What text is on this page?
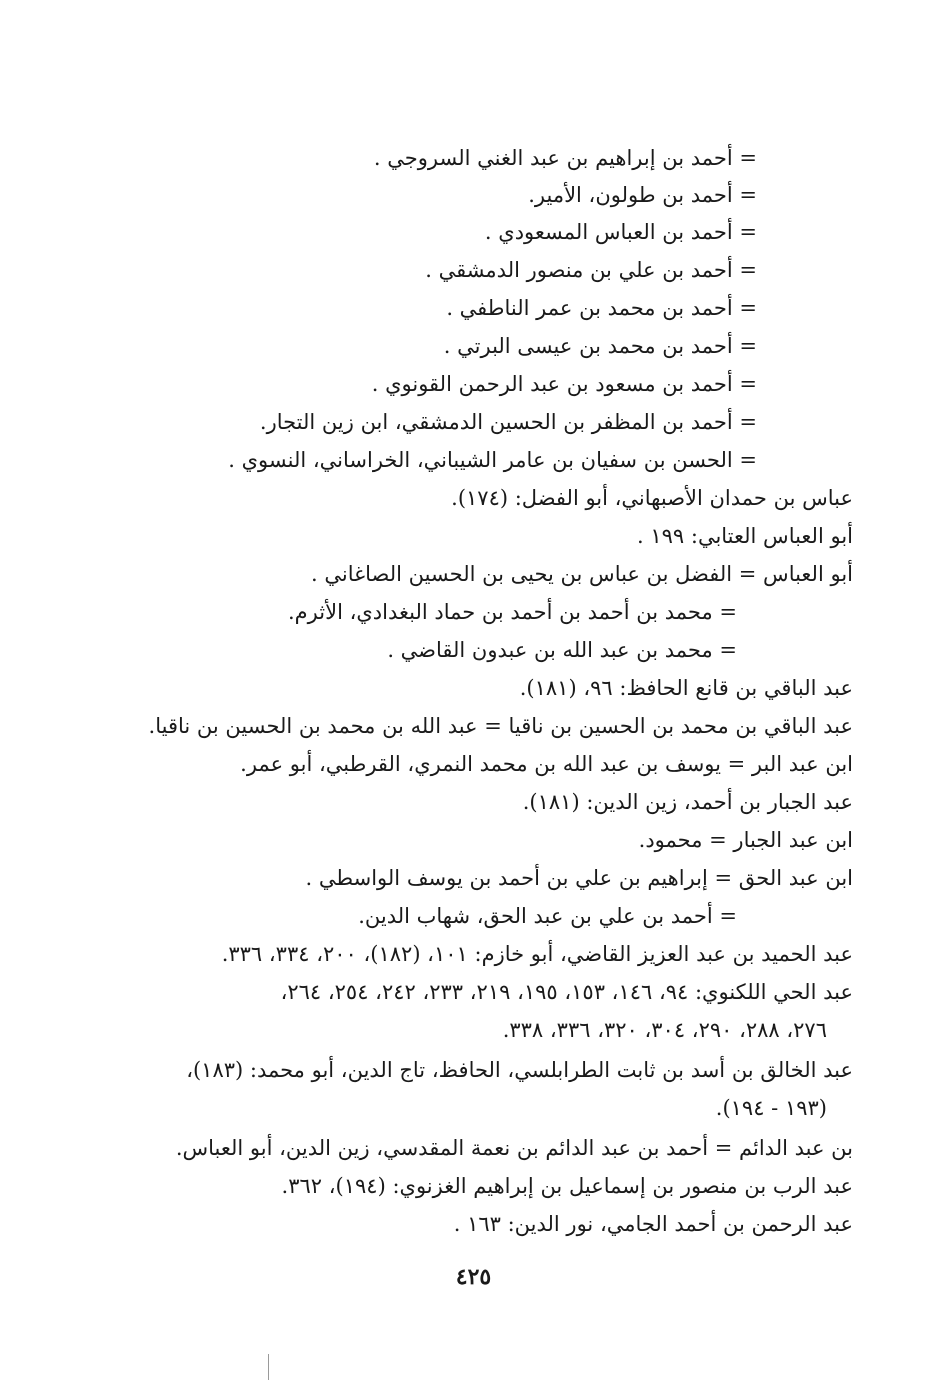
= أحمد بن إبراهيم بن عبد الغني السروجي .
= أحمد بن طولون، الأمير.
= أحمد بن العباس المسعودي .
= أحمد بن علي بن منصور الدمشقي .
= أحمد بن محمد بن عمر الناطفي .
= أحمد بن محمد بن عيسى البرتي .
= أحمد بن مسعود بن عبد الرحمن القونوي .
= أحمد بن المظفر بن الحسين الدمشقي، ابن زين التجار.
= الحسن بن سفيان بن عامر الشيباني، الخراساني، النسوي .
عباس بن حمدان الأصبهاني، أبو الفضل: (١٧٤).
أبو العباس العتابي: ١٩٩ .
أبو العباس = الفضل بن عباس بن يحيى بن الحسين الصاغاني .
= محمد بن أحمد بن أحمد بن حماد البغدادي، الأثرم.
= محمد بن عبد الله بن عبدون القاضي .
عبد الباقي بن قانع الحافظ: ٩٦، (١٨١).
عبد الباقي بن محمد بن الحسين بن ناقيا = عبد الله بن محمد بن الحسين بن ناقيا.
ابن عبد البر = يوسف بن عبد الله بن محمد النمري، القرطبي، أبو عمر.
عبد الجبار بن أحمد، زين الدين: (١٨١).
ابن عبد الجبار = محمود.
ابن عبد الحق = إبراهيم بن علي بن أحمد بن يوسف الواسطي .
= أحمد بن علي بن عبد الحق، شهاب الدين.
عبد الحميد بن عبد العزيز القاضي، أبو خازم: ١٠١، (١٨٢)، ٢٠٠، ٣٣٤، ٣٣٦.
عبد الحي اللكنوي: ٩٤، ١٤٦، ١٥٣، ١٩٥، ٢١٩، ٢٣٣، ٢٤٢، ٢٥٤، ٢٦٤،
٢٧٦، ٢٨٨، ٢٩٠، ٣٠٤، ٣٢٠، ٣٣٦، ٣٣٨.
عبد الخالق بن أسد بن ثابت الطرابلسي، الحافظ، تاج الدين، أبو محمد: (١٨٣)،
(١٩٣ - ١٩٤).
بن عبد الدائم = أحمد بن عبد الدائم بن نعمة المقدسي، زين الدين، أبو العباس.
عبد الرب بن منصور بن إسماعيل بن إبراهيم الغزنوي: (١٩٤)، ٣٦٢.
عبد الرحمن بن أحمد الجامي، نور الدين: ١٦٣ .
٤٢٥
